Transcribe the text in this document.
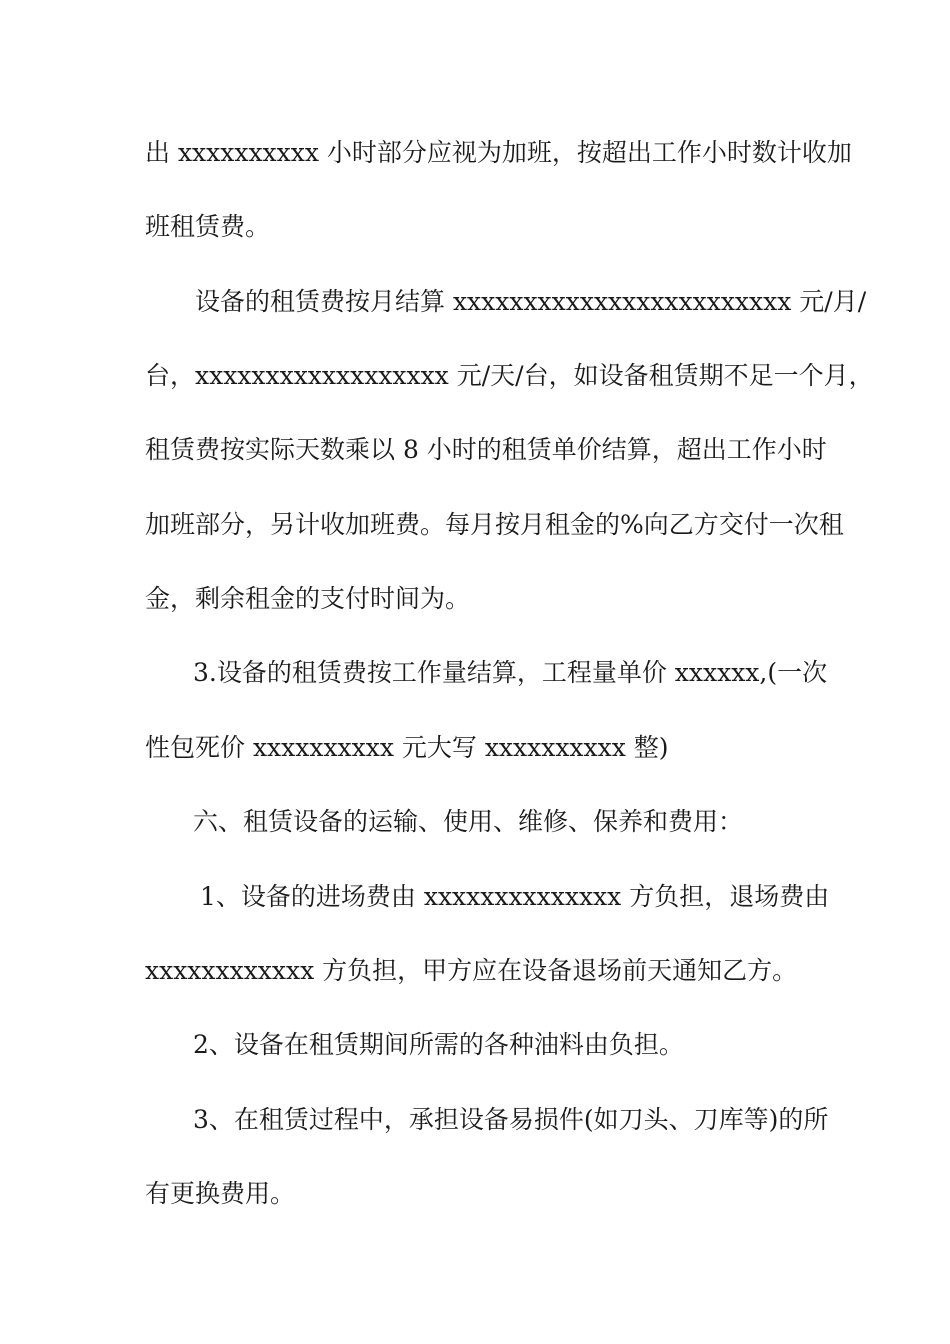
出 xxxxxxxxxx 小时部分应视为加班，按超出工作小时数计收加
班租赁费。
设备的租赁费按月结算 xxxxxxxxxxxxxxxxxxxxxxxx 元/月/
台，xxxxxxxxxxxxxxxxxx 元/天/台，如设备租赁期不足一个月，
租赁费按实际天数乘以 8 小时的租赁单价结算，超出工作小时
加班部分，另计收加班费。每月按月租金的%向乙方交付一次租
金，剩余租金的支付时间为。
3.设备的租赁费按工作量结算，工程量单价 xxxxxx,(一次
性包死价 xxxxxxxxxx 元大写 xxxxxxxxxx 整)
六、租赁设备的运输、使用、维修、保养和费用：
1、设备的进场费由 xxxxxxxxxxxxxx 方负担，退场费由
xxxxxxxxxxxx 方负担，甲方应在设备退场前天通知乙方。
2、设备在租赁期间所需的各种油料由负担。
3、在租赁过程中，承担设备易损件(如刀头、刀库等)的所
有更换费用。
